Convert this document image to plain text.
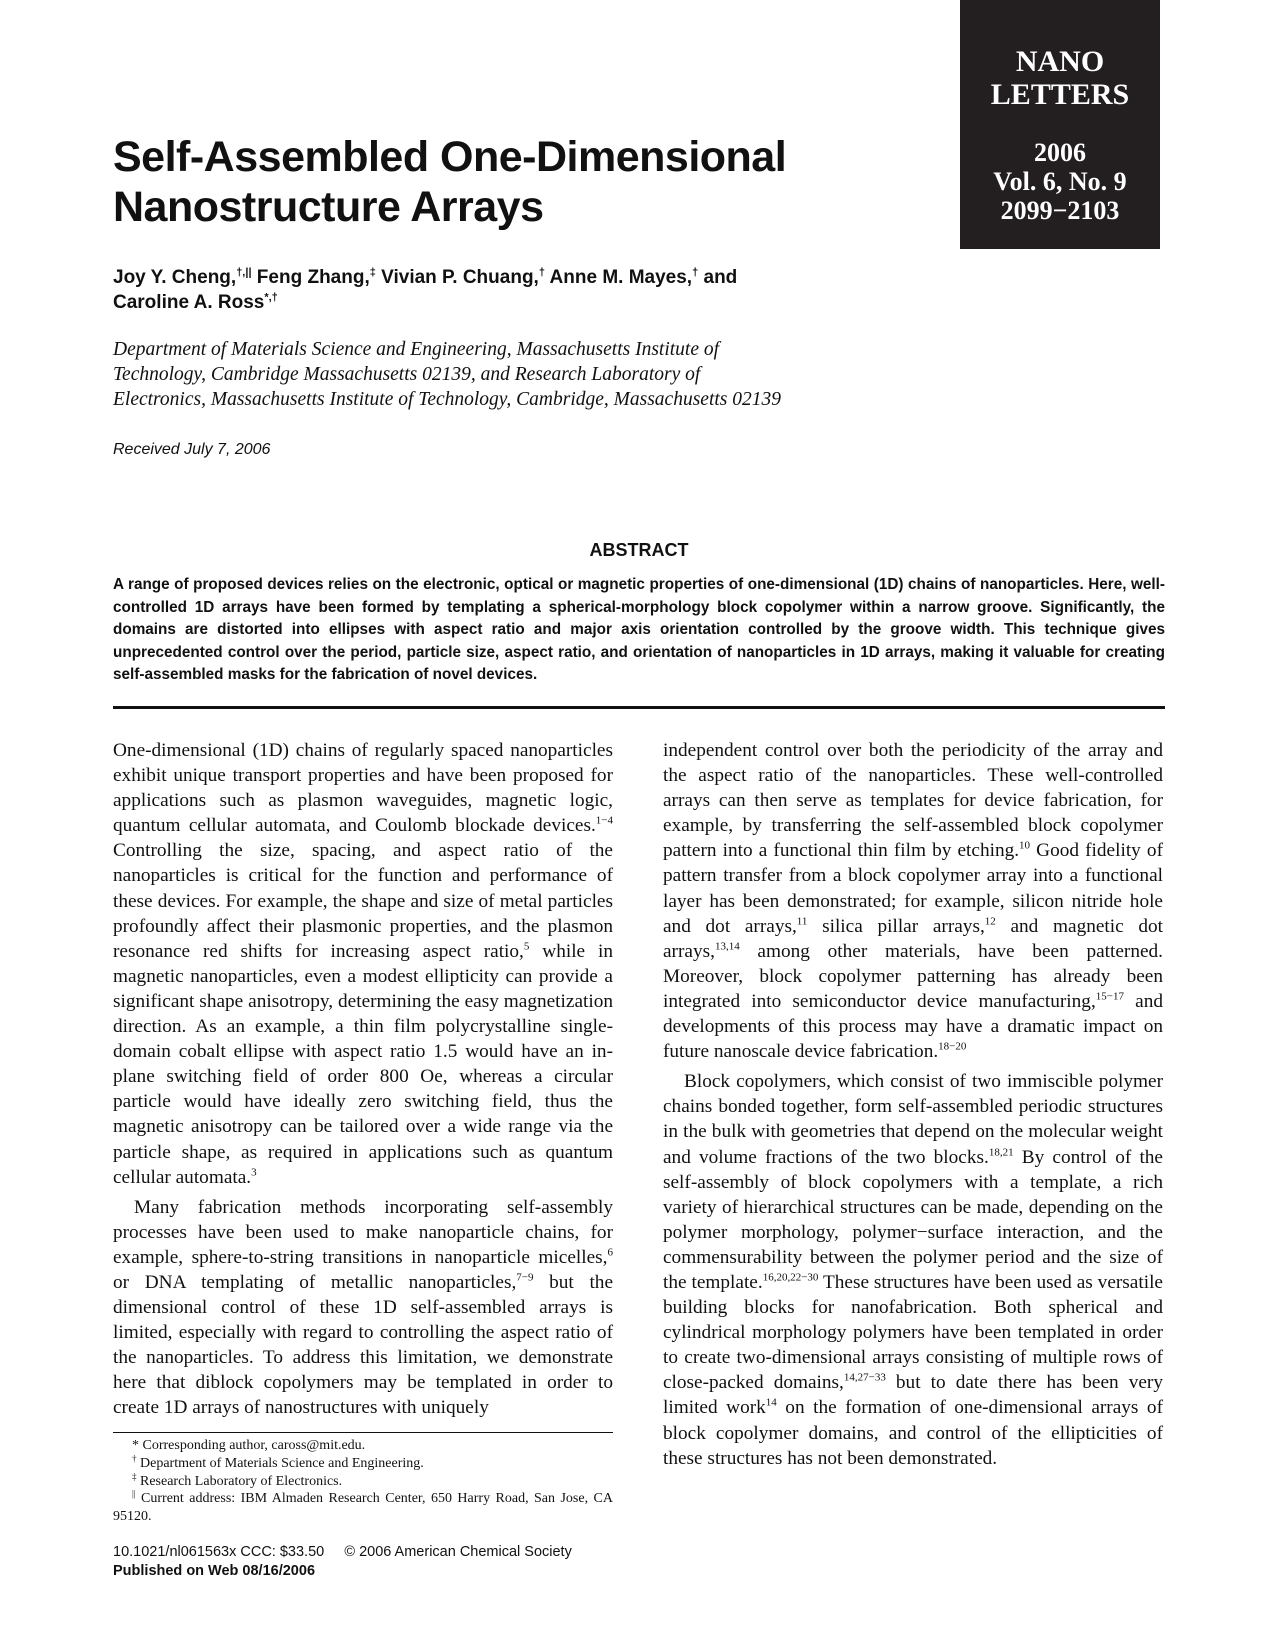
NANO
LETTERS
2006
Vol. 6, No. 9
2099−2103
Self-Assembled One-Dimensional
Nanostructure Arrays
Joy Y. Cheng,†,|| Feng Zhang,‡ Vivian P. Chuang,† Anne M. Mayes,† and
Caroline A. Ross*,†
Department of Materials Science and Engineering, Massachusetts Institute of
Technology, Cambridge Massachusetts 02139, and Research Laboratory of
Electronics, Massachusetts Institute of Technology, Cambridge, Massachusetts 02139
Received July 7, 2006
ABSTRACT
A range of proposed devices relies on the electronic, optical or magnetic properties of one-dimensional (1D) chains of nanoparticles. Here, well-controlled 1D arrays have been formed by templating a spherical-morphology block copolymer within a narrow groove. Significantly, the domains are distorted into ellipses with aspect ratio and major axis orientation controlled by the groove width. This technique gives unprecedented control over the period, particle size, aspect ratio, and orientation of nanoparticles in 1D arrays, making it valuable for creating self-assembled masks for the fabrication of novel devices.

One-dimensional (1D) chains of regularly spaced nanoparticles exhibit unique transport properties and have been proposed for applications such as plasmon waveguides, magnetic logic, quantum cellular automata, and Coulomb blockade devices.$^{1-4}$ Controlling the size, spacing, and aspect ratio of the nanoparticles is critical for the function and performance of these devices. For example, the shape and size of metal particles profoundly affect their plasmonic properties, and the plasmon resonance red shifts for increasing aspect ratio,$^5$ while in magnetic nanoparticles, even a modest ellipticity can provide a significant shape anisotropy, determining the easy magnetization direction. As an example, a thin film polycrystalline single-domain cobalt ellipse with aspect ratio 1.5 would have an in-plane switching field of order 800 Oe, whereas a circular particle would have ideally zero switching field, thus the magnetic anisotropy can be tailored over a wide range via the particle shape, as required in applications such as quantum cellular automata.$^3$

Many fabrication methods incorporating self-assembly processes have been used to make nanoparticle chains, for example, sphere-to-string transitions in nanoparticle micelles,$^6$ or DNA templating of metallic nanoparticles,$^{7-9}$ but the dimensional control of these 1D self-assembled arrays is limited, especially with regard to controlling the aspect ratio of the nanoparticles. To address this limitation, we demonstrate here that diblock copolymers may be templated in order to create 1D arrays of nanostructures with uniquely

independent control over both the periodicity of the array and the aspect ratio of the nanoparticles. These well-controlled arrays can then serve as templates for device fabrication, for example, by transferring the self-assembled block copolymer pattern into a functional thin film by etching.$^{10}$ Good fidelity of pattern transfer from a block copolymer array into a functional layer has been demonstrated; for example, silicon nitride hole and dot arrays,$^{11}$ silica pillar arrays,$^{12}$ and magnetic dot arrays,$^{13,14}$ among other materials, have been patterned. Moreover, block copolymer patterning has already been integrated into semiconductor device manufacturing,$^{15-17}$ and developments of this process may have a dramatic impact on future nanoscale device fabrication.$^{18-20}$

Block copolymers, which consist of two immiscible polymer chains bonded together, form self-assembled periodic structures in the bulk with geometries that depend on the molecular weight and volume fractions of the two blocks.$^{18,21}$ By control of the self-assembly of block copolymers with a template, a rich variety of hierarchical structures can be made, depending on the polymer morphology, polymer−surface interaction, and the commensurability between the polymer period and the size of the template.$^{16,20,22-30}$ These structures have been used as versatile building blocks for nanofabrication. Both spherical and cylindrical morphology polymers have been templated in order to create two-dimensional arrays consisting of multiple rows of close-packed domains,$^{14,27-33}$ but to date there has been very limited work$^{14}$ on the formation of one-dimensional arrays of block copolymer domains, and control of the ellipticities of these structures has not been demonstrated.

* Corresponding author, caross@mit.edu.

† Department of Materials Science and Engineering.

‡ Research Laboratory of Electronics.

|| Current address: IBM Almaden Research Center, 650 Harry Road, San Jose, CA 95120.

10.1021/nl061563x CCC: $33.50     © 2006 American Chemical Society
Published on Web 08/16/2006
